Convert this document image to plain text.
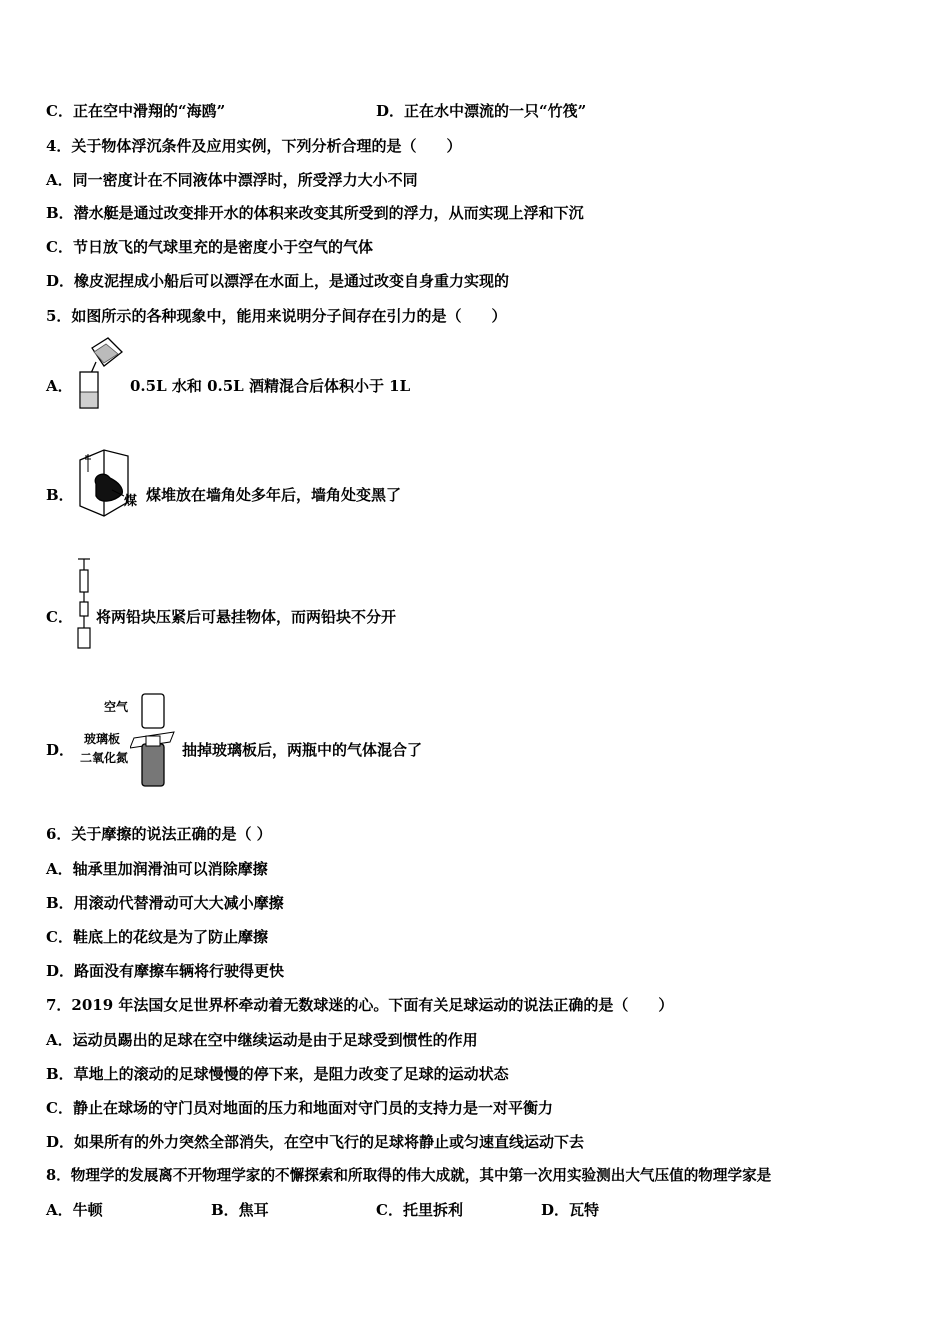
C．正在空中滑翔的“海鸥”	D．正在水中漂流的一只“竹筏”
4．关于物体浮沉条件及应用实例，下列分析合理的是（　　）
A．同一密度计在不同液体中漂浮时，所受浮力大小不同
B．潜水艇是通过改变排开水的体积来改变其所受到的浮力，从而实现上浮和下沉
C．节日放飞的气球里充的是密度小于空气的气体
D．橡皮泥捏成小船后可以漂浮在水面上，是通过改变自身重力实现的
5．如图所示的各种现象中，能用来说明分子间存在引力的是（　　）
A．	0.5L 水和 0.5L 酒精混合后体积小于 1L
B．	煤 煤堆放在墙角处多年后，墙角处变黑了
C． 将两铅块压紧后可悬挂物体，而两铅块不分开
D．
空气
玻璃板
二氧化氮	抽掉玻璃板后，两瓶中的气体混合了
6．关于摩擦的说法正确的是（ ）
A．轴承里加润滑油可以消除摩擦
B．用滚动代替滑动可大大减小摩擦
C．鞋底上的花纹是为了防止摩擦
D．路面没有摩擦车辆将行驶得更快
7．2019 年法国女足世界杯牵动着无数球迷的心。下面有关足球运动的说法正确的是（　　）
A．运动员踢出的足球在空中继续运动是由于足球受到惯性的作用
B．草地上的滚动的足球慢慢的停下来，是阻力改变了足球的运动状态
C．静止在球场的守门员对地面的压力和地面对守门员的支持力是一对平衡力
D．如果所有的外力突然全部消失，在空中飞行的足球将静止或匀速直线运动下去
8．物理学的发展离不开物理学家的不懈探索和所取得的伟大成就，其中第一次用实验测出大气压值的物理学家是
A．牛顿	B．焦耳	C．托里拆利	D．瓦特
